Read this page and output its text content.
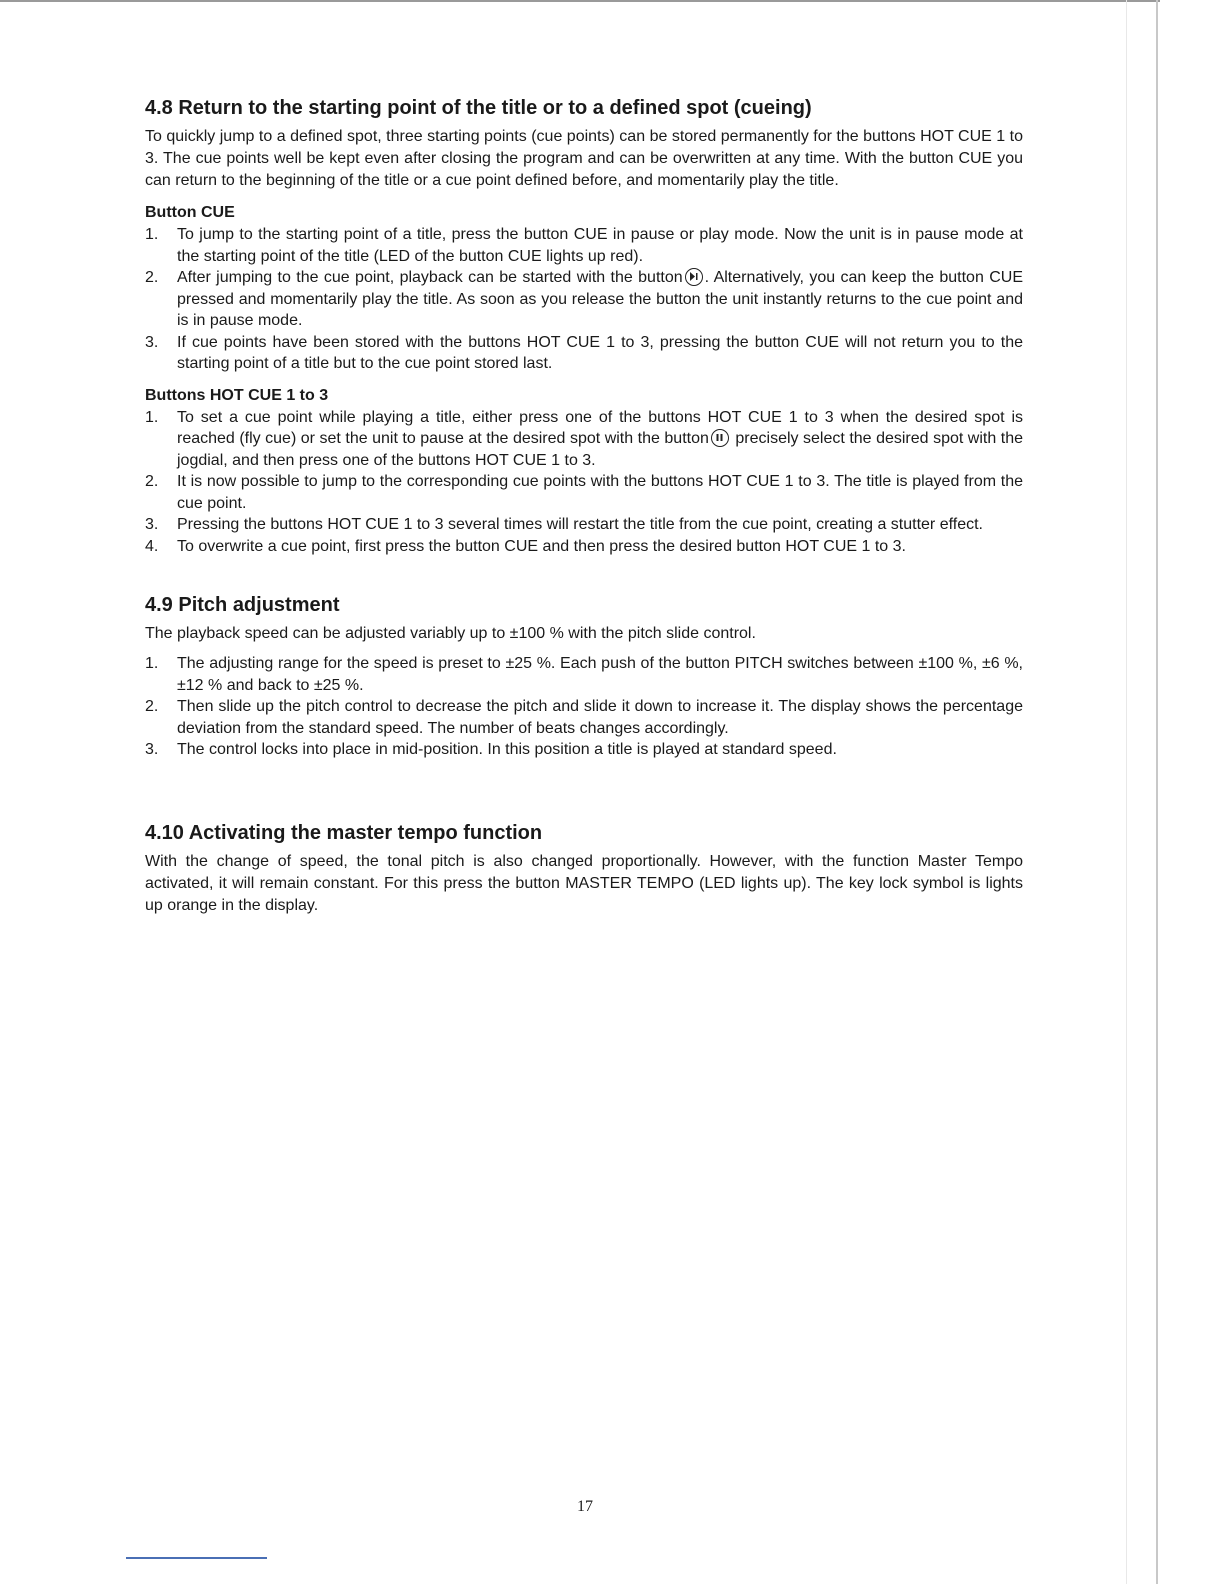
4.8 Return to the starting point of the title or to a defined spot (cueing)

To quickly jump to a defined spot, three starting points (cue points) can be stored permanently for the buttons HOT CUE 1 to 3. The cue points well be kept even after closing the program and can be overwritten at any time. With the button CUE you can return to the beginning of the title or a cue point defined before, and momentarily play the title.

Button CUE
1.	To jump to the starting point of a title, press the button CUE in pause or play mode. Now the unit is in pause mode at the starting point of the title (LED of the button CUE lights up red).
2.	After jumping to the cue point, playback can be started with the button . Alternatively, you can keep the button CUE pressed and momentarily play the title. As soon as you release the button the unit instantly returns to the cue point and is in pause mode.
3.	If cue points have been stored with the buttons HOT CUE 1 to 3, pressing the button CUE will not return you to the starting point of a title but to the cue point stored last.
Buttons HOT CUE 1 to 3
1.	To set a cue point while playing a title, either press one of the buttons HOT CUE 1 to 3 when the desired spot is reached (fly cue) or set the unit to pause at the desired spot with the button
precisely select the desired spot with the jogdial, and then press one of the buttons HOT CUE 1 to 3.
2.	It is now possible to jump to the corresponding cue points with the buttons HOT CUE 1 to 3. The title is played from the cue point.
3.	Pressing the buttons HOT CUE 1 to 3 several times will restart the title from the cue point, creating a stutter effect.
4.	To overwrite a cue point, first press the button CUE and then press the desired button HOT CUE 1 to 3.
4.9 Pitch adjustment

The playback speed can be adjusted variably up to ±100 % with the pitch slide control.

1.	The adjusting range for the speed is preset to ±25 %. Each push of the button PITCH switches between ±100 %, ±6 %, ±12 % and back to ±25 %.
2.	Then slide up the pitch control to decrease the pitch and slide it down to increase it. The display shows the percentage deviation from the standard speed. The number of beats changes accordingly.
3.	The control locks into place in mid-position. In this position a title is played at standard speed.
4.10 Activating the master tempo function

With the change of speed, the tonal pitch is also changed proportionally. However, with the function Master Tempo activated, it will remain constant. For this press the button MASTER TEMPO (LED lights up). The key lock symbol is lights up orange in the display.

17
